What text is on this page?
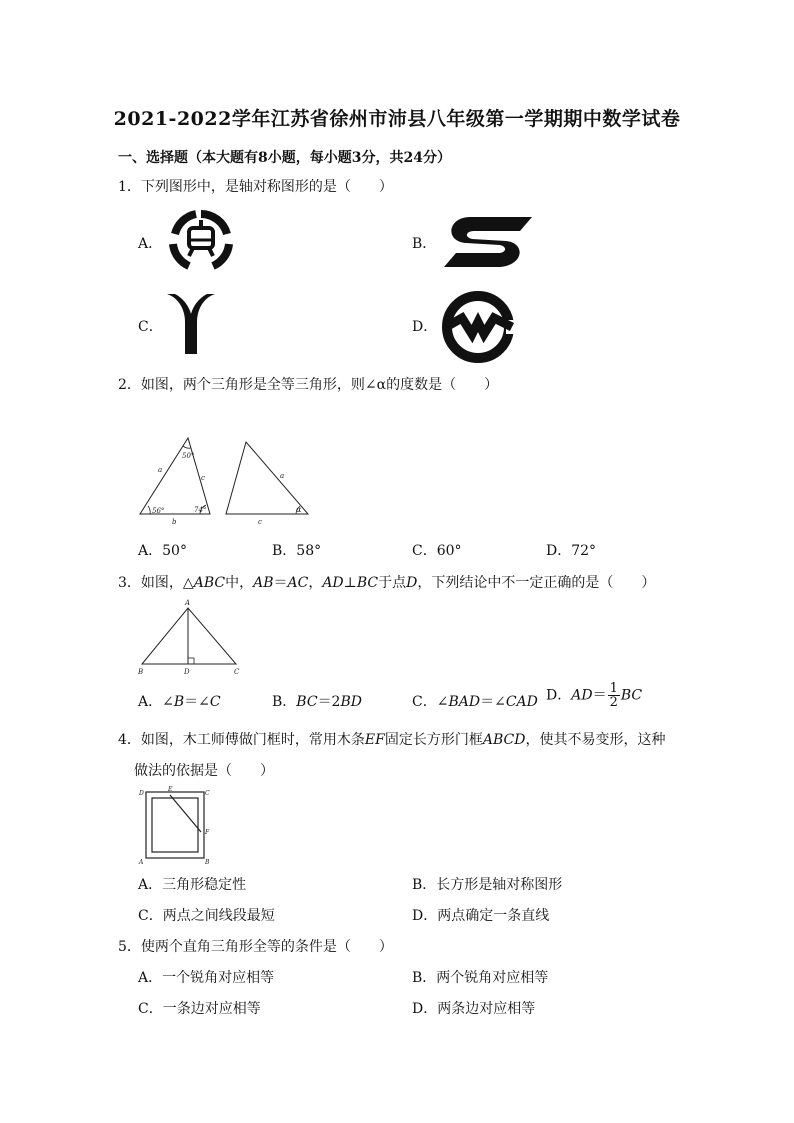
2021-2022学年江苏省徐州市沛县八年级第一学期期中数学试卷
一、选择题（本大题有8小题，每小题3分，共24分）
1．下列图形中，是轴对称图形的是（　　）
A．	B．
C．	D．
2．如图，两个三角形是全等三角形，则∠α的度数是（　　）
50°
a
c
56°	74°
b
a
c
α
A．50°	B．58°	C．60°	D．72°
3．如图，△ABC中，AB＝AC，AD⊥BC于点D，下列结论中不一定正确的是（　　）
A
B	D	C
A．∠B＝∠C	B．BC＝2BD	C．∠BAD＝∠CAD D．$AD= \frac{1}{2}$ BC
4．如图，木工师傅做门框时，常用木条EF固定长方形门框ABCD，使其不易变形，这种
做法的依据是（　　）
D
E
C
F
A	B
A．三角形稳定性	B．长方形是轴对称图形
C．两点之间线段最短	D．两点确定一条直线
5．使两个直角三角形全等的条件是（　　）
A．一个锐角对应相等	B．两个锐角对应相等
C．一条边对应相等	D．两条边对应相等
